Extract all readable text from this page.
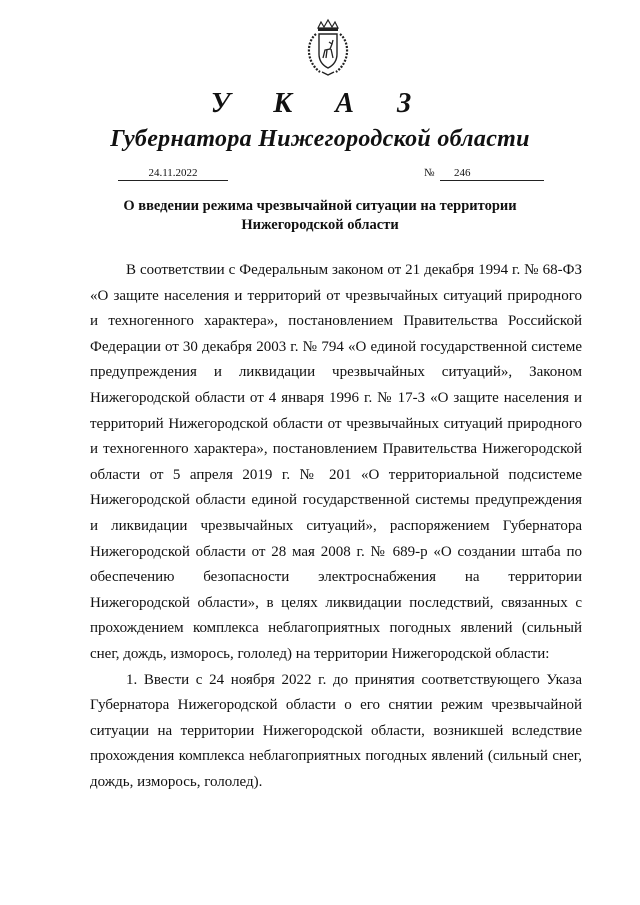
У К А З
Губернатора Нижегородской области
24.11.2022	№	246
О введении режима чрезвычайной ситуации на территории Нижегородской области

В соответствии с Федеральным законом от 21 декабря 1994 г. № 68-ФЗ «О защите населения и территорий от чрезвычайных ситуаций природного и техногенного характера», постановлением Правительства Российской Федерации от 30 декабря 2003 г. № 794 «О единой государственной системе предупреждения и ликвидации чрезвычайных ситуаций», Законом Нижегородской области от 4 января 1996 г. № 17-З «О защите населения и территорий Нижегородской области от чрезвычайных ситуаций природного и техногенного характера», постановлением Правительства Нижегородской области от 5 апреля 2019 г. № 201 «О территориальной подсистеме Нижегородской области единой государственной системы предупреждения и ликвидации чрезвычайных ситуаций», распоряжением Губернатора Нижегородской области от 28 мая 2008 г. № 689-р «О создании штаба по обеспечению безопасности электроснабжения на территории Нижегородской области», в целях ликвидации последствий, связанных с прохождением комплекса неблагоприятных погодных явлений (сильный снег, дождь, изморось, гололед) на территории Нижегородской области:

1. Ввести с 24 ноября 2022 г. до принятия соответствующего Указа Губернатора Нижегородской области о его снятии режим чрезвычайной ситуации на территории Нижегородской области, возникшей вследствие прохождения комплекса неблагоприятных погодных явлений (сильный снег, дождь, изморось, гололед).
